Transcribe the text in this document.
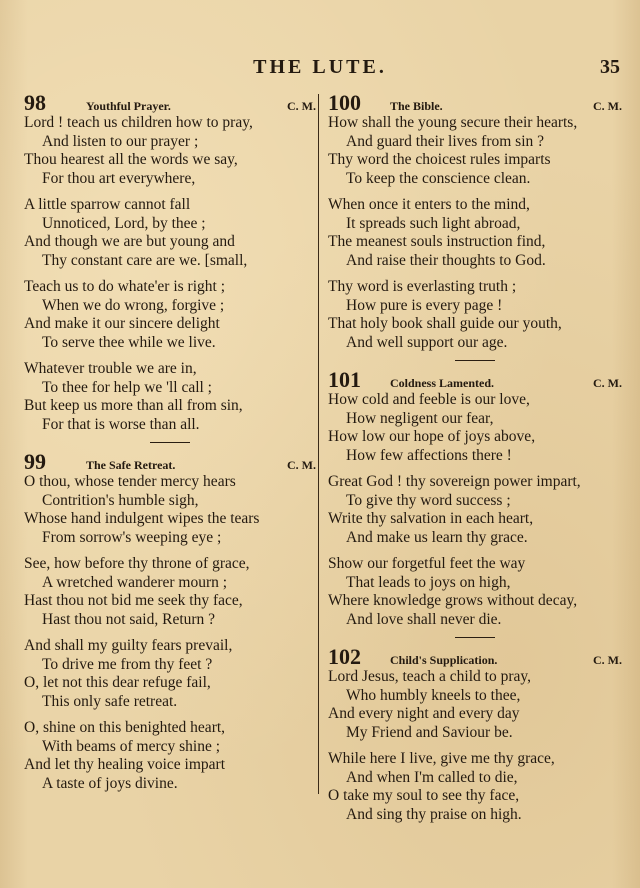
THE LUTE.	35
98	Youthful Prayer.	C. M.
Lord ! teach us children how to pray,
And listen to our prayer ;
Thou hearest all the words we say,
For thou art everywhere,
A little sparrow cannot fall
Unnoticed, Lord, by thee ;
And though we are but young and
Thy constant care are we. [small,
Teach us to do whate'er is right ;
When we do wrong, forgive ;
And make it our sincere delight
To serve thee while we live.
Whatever trouble we are in,
To thee for help we 'll call ;
But keep us more than all from sin,
For that is worse than all.
99	The Safe Retreat.	C. M.
O thou, whose tender mercy hears
Contrition's humble sigh,
Whose hand indulgent wipes the tears
From sorrow's weeping eye ;
See, how before thy throne of grace,
A wretched wanderer mourn ;
Hast thou not bid me seek thy face,
Hast thou not said, Return ?
And shall my guilty fears prevail,
To drive me from thy feet ?
O, let not this dear refuge fail,
This only safe retreat.
O, shine on this benighted heart,
With beams of mercy shine ;
And let thy healing voice impart
A taste of joys divine.
100	The Bible.	C. M.
How shall the young secure their hearts,
And guard their lives from sin ?
Thy word the choicest rules imparts
To keep the conscience clean.
When once it enters to the mind,
It spreads such light abroad,
The meanest souls instruction find,
And raise their thoughts to God.
Thy word is everlasting truth ;
How pure is every page !
That holy book shall guide our youth,
And well support our age.
101	Coldness Lamented.	C. M.
How cold and feeble is our love,
How negligent our fear,
How low our hope of joys above,
How few affections there !
Great God ! thy sovereign power impart,
To give thy word success ;
Write thy salvation in each heart,
And make us learn thy grace.
Show our forgetful feet the way
That leads to joys on high,
Where knowledge grows without decay,
And love shall never die.
102	Child's Supplication.	C. M.
Lord Jesus, teach a child to pray,
Who humbly kneels to thee,
And every night and every day
My Friend and Saviour be.
While here I live, give me thy grace,
And when I'm called to die,
O take my soul to see thy face,
And sing thy praise on high.
